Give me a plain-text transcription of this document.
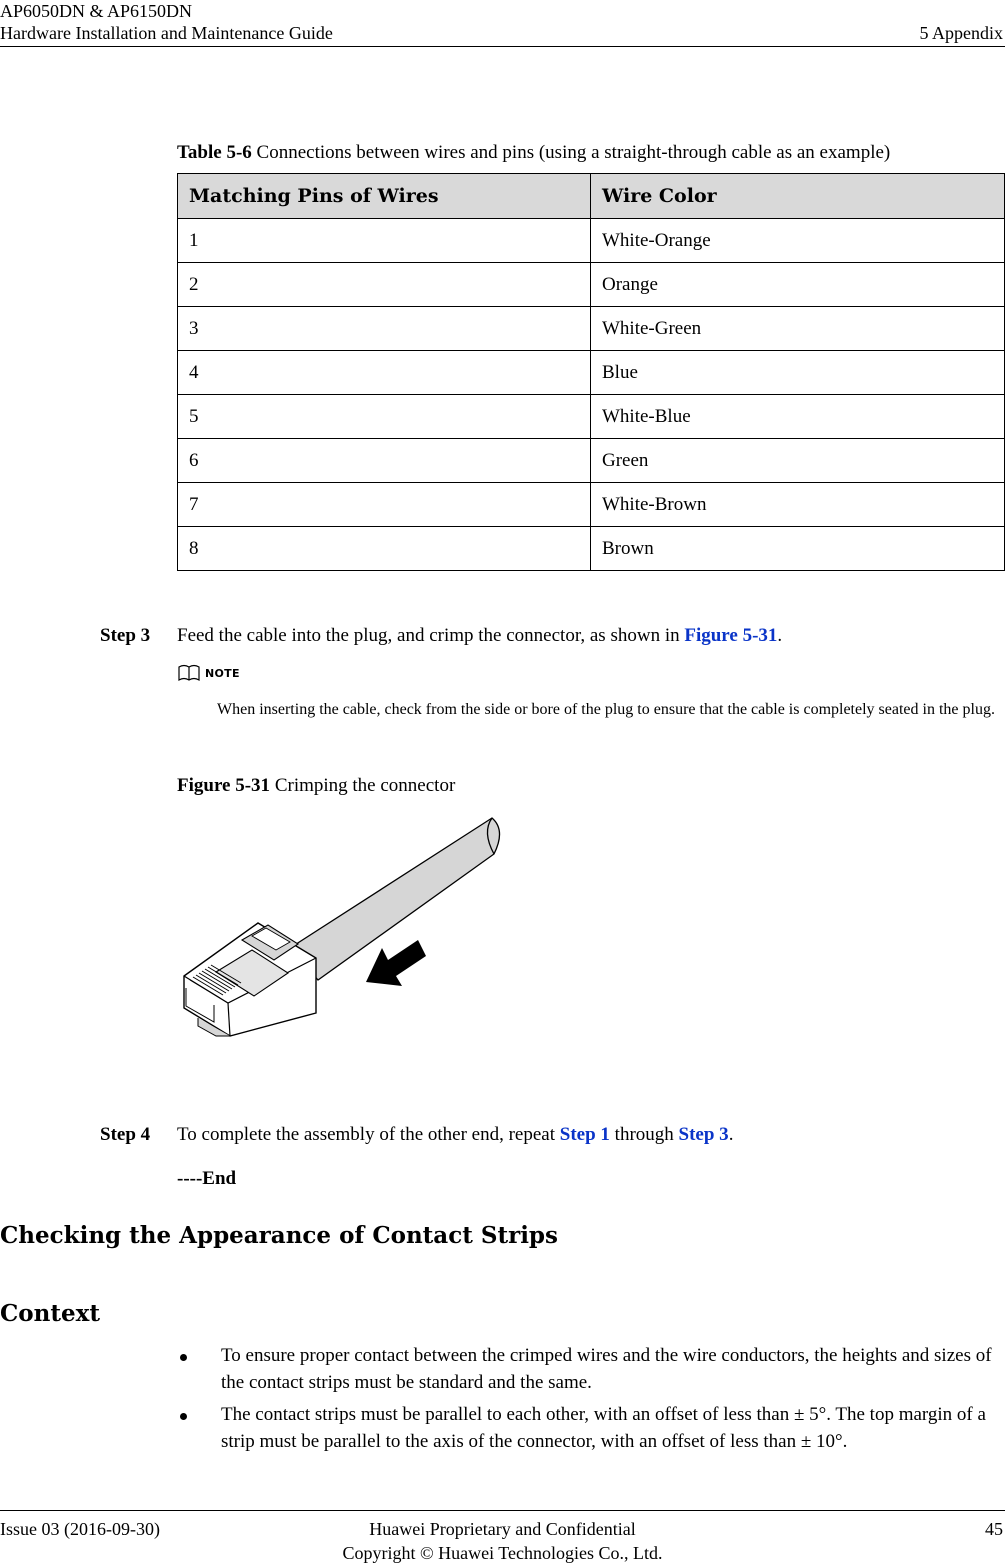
AP6050DN & AP6150DN
Hardware Installation and Maintenance Guide	5 Appendix
Table 5-6 Connections between wires and pins (using a straight-through cable as an example)
Matching Pins of Wires	Wire Color
1	White-Orange
2	Orange
3	White-Green
4	Blue
5	White-Blue
6	Green
7	White-Brown
8	Brown
Step 3 Feed the cable into the plug, and crimp the connector, as shown in Figure 5-31.
NOTE
When inserting the cable, check from the side or bore of the plug to ensure that the cable is completely seated in the plug.
Figure 5-31 Crimping the connector
Step 4 To complete the assembly of the other end, repeat Step 1 through Step 3.
----End
Checking the Appearance of Contact Strips
Context
To ensure proper contact between the crimped wires and the wire conductors, the heights and sizes of the contact strips must be standard and the same.
The contact strips must be parallel to each other, with an offset of less than ± 5°. The top margin of a strip must be parallel to the axis of the connector, with an offset of less than ± 10°.
Issue 03 (2016-09-30)	Huawei Proprietary and Confidential
Copyright © Huawei Technologies Co., Ltd.
45
